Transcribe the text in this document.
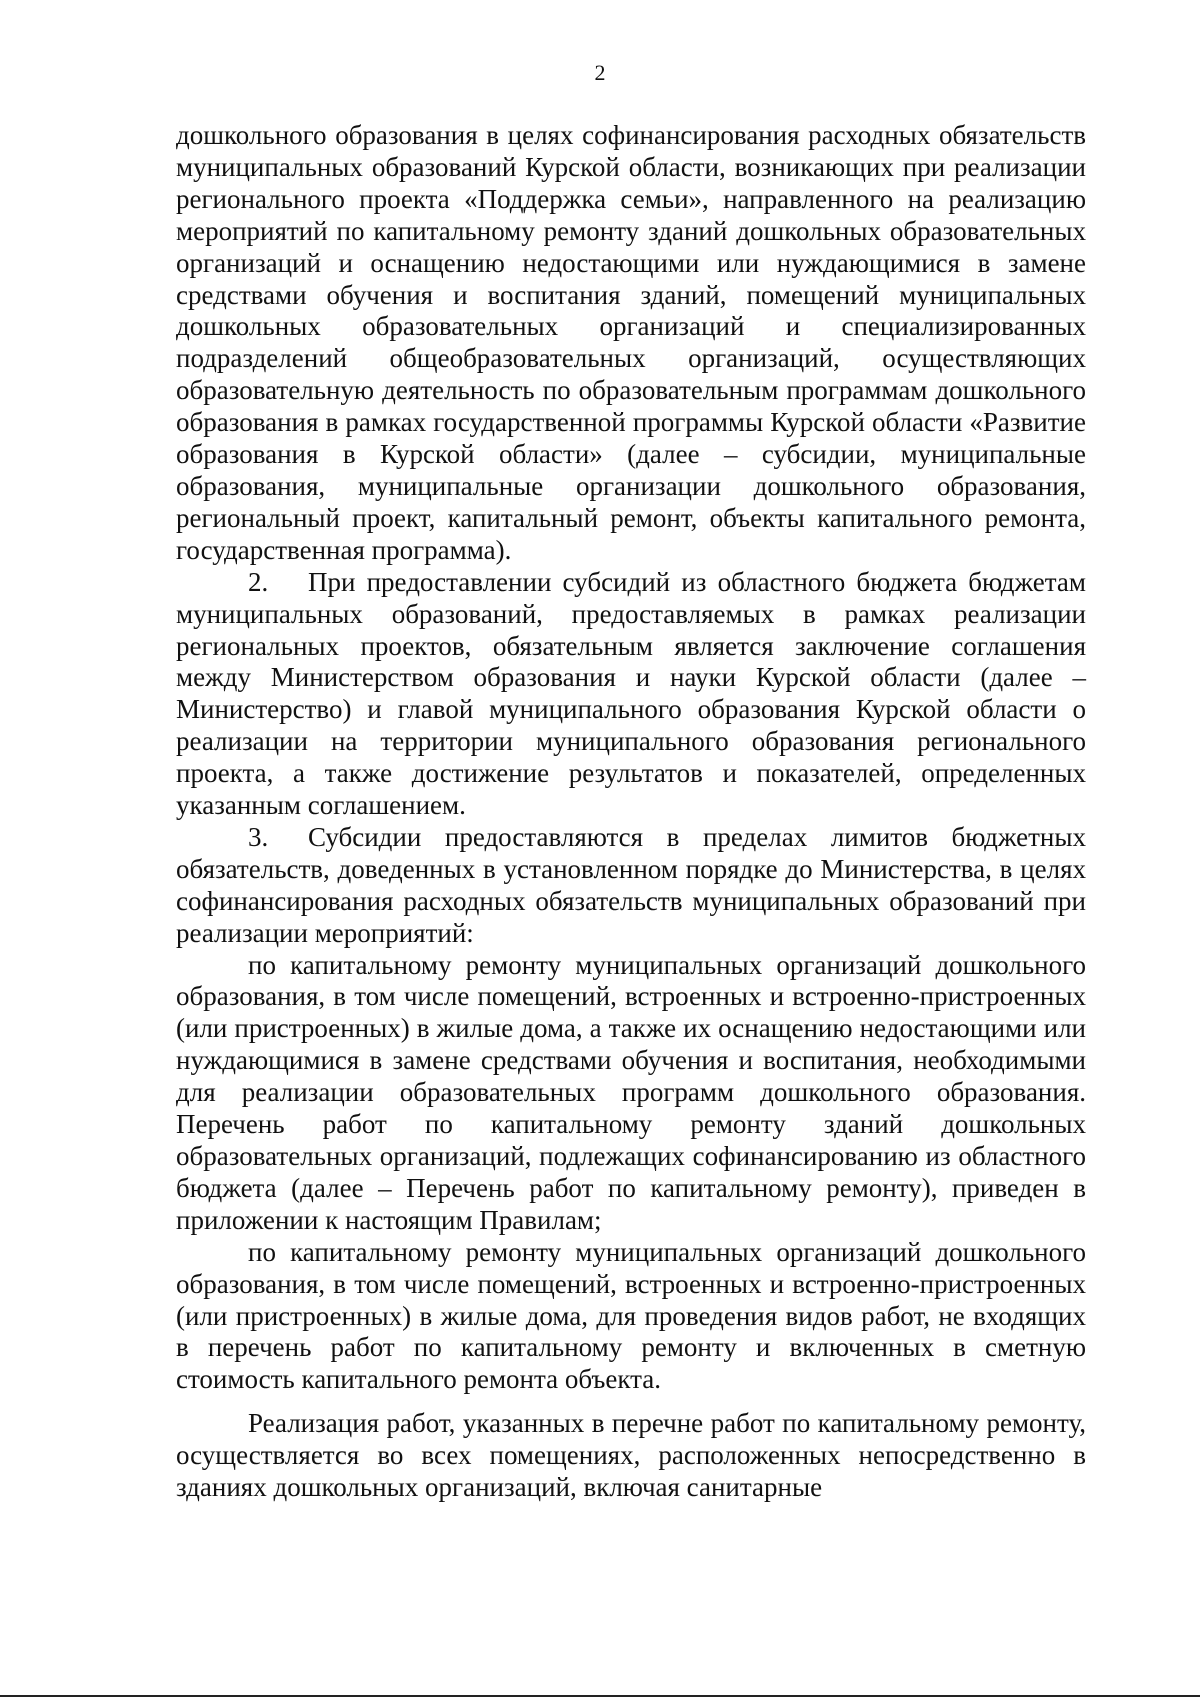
2

дошкольного образования в целях софинансирования расходных обязательств муниципальных образований Курской области, возникающих при реализации регионального проекта «Поддержка семьи», направленного на реализацию мероприятий по капитальному ремонту зданий дошкольных образовательных организаций и оснащению недостающими или нуждающимися в замене средствами обучения и воспитания зданий, помещений муниципальных дошкольных образовательных организаций и специализированных подразделений общеобразовательных организаций, осуществляющих образовательную деятельность по образовательным программам дошкольного образования в рамках государственной программы Курской области «Развитие образования в Курской области» (далее – субсидии, муниципальные образования, муниципальные организации дошкольного образования, региональный проект, капитальный ремонт, объекты капитального ремонта, государственная программа).

2. При предоставлении субсидий из областного бюджета бюджетам муниципальных образований, предоставляемых в рамках реализации региональных проектов, обязательным является заключение соглашения между Министерством образования и науки Курской области (далее – Министерство) и главой муниципального образования Курской области о реализации на территории муниципального образования регионального проекта, а также достижение результатов и показателей, определенных указанным соглашением.

3. Субсидии предоставляются в пределах лимитов бюджетных обязательств, доведенных в установленном порядке до Министерства, в целях софинансирования расходных обязательств муниципальных образований при реализации мероприятий:

по капитальному ремонту муниципальных организаций дошкольного образования, в том числе помещений, встроенных и встроенно-пристроенных (или пристроенных) в жилые дома, а также их оснащению недостающими или нуждающимися в замене средствами обучения и воспитания, необходимыми для реализации образовательных программ дошкольного образования. Перечень работ по капитальному ремонту зданий дошкольных образовательных организаций, подлежащих софинансированию из областного бюджета (далее – Перечень работ по капитальному ремонту), приведен в приложении к настоящим Правилам;

по капитальному ремонту муниципальных организаций дошкольного образования, в том числе помещений, встроенных и встроенно-пристроенных (или пристроенных) в жилые дома, для проведения видов работ, не входящих в перечень работ по капитальному ремонту и включенных в сметную стоимость капитального ремонта объекта.

Реализация работ, указанных в перечне работ по капитальному ремонту, осуществляется во всех помещениях, расположенных непосредственно в зданиях дошкольных организаций, включая санитарные
